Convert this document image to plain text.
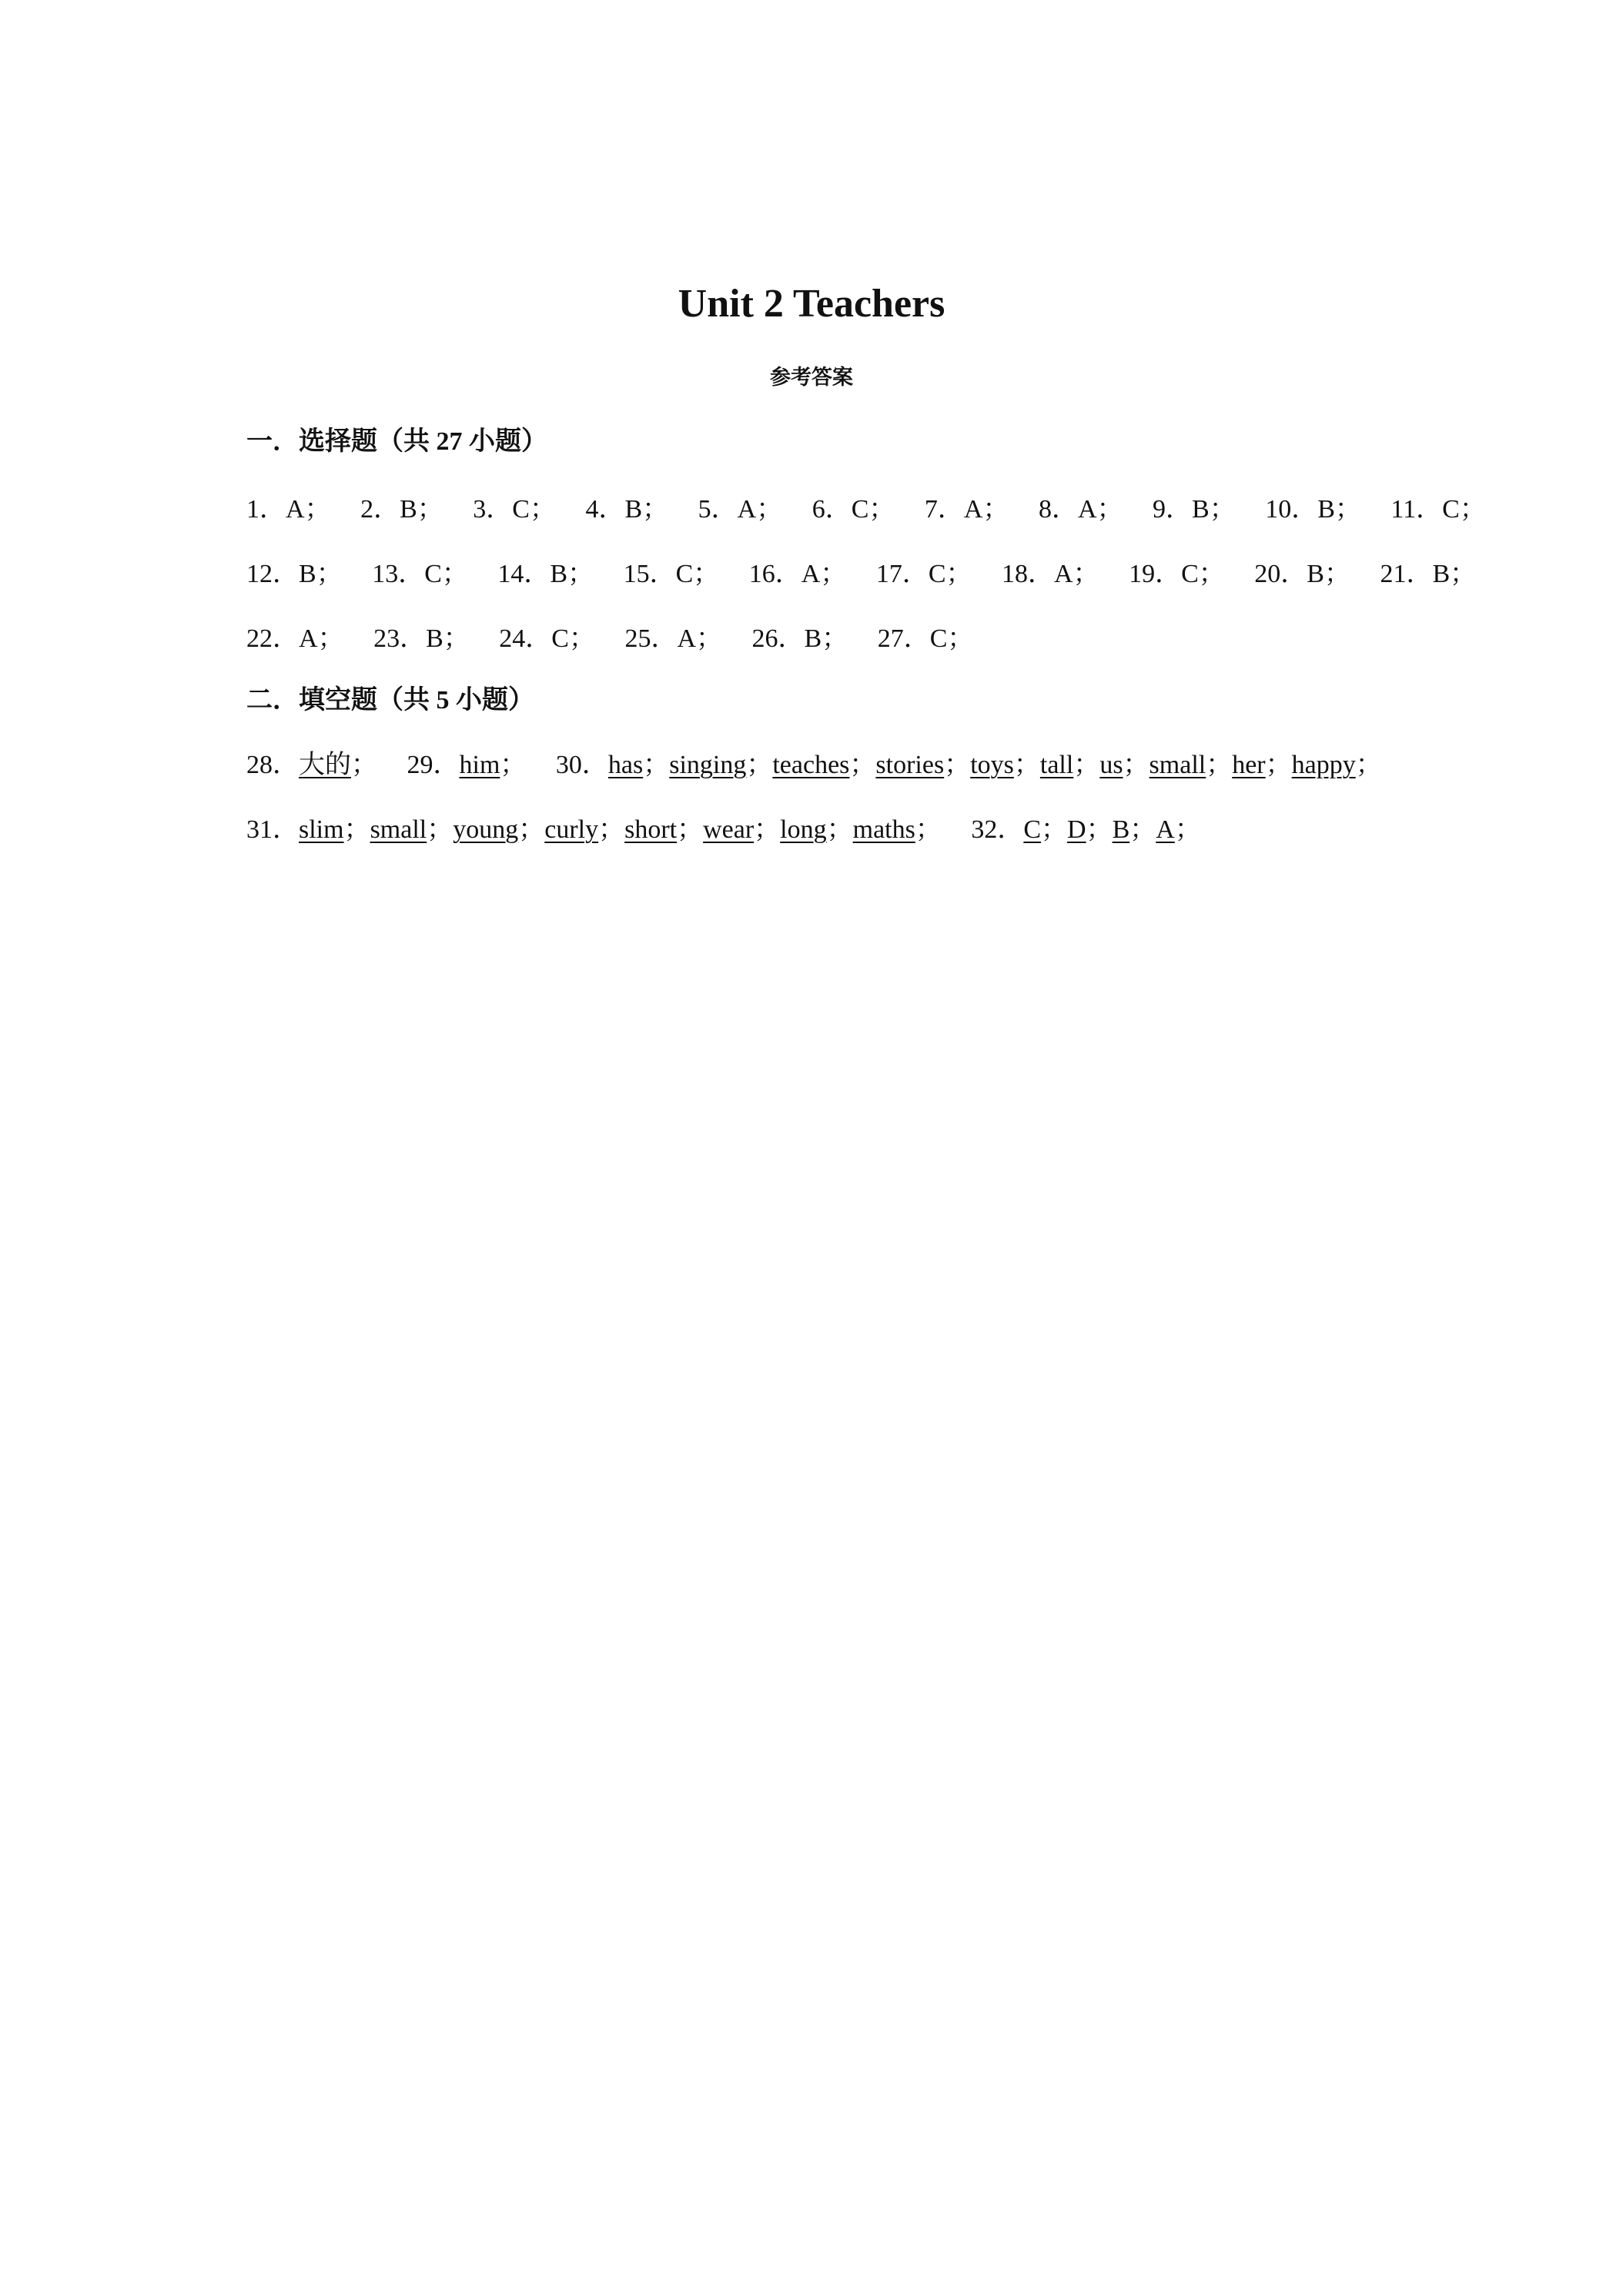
Unit 2 Teachers
参考答案
一．选择题（共 27 小题）
1 ． A ； 2 ． B ； 3 ． C ； 4 ． B ； 5 ． A ； 6 ． C ； 7 ． A ； 8 ． A ； 9 ． B ； 10 ． B ； 11 ． C ；
12 ． B ； 13 ． C ； 14 ． B ； 15 ． C ； 16 ． A ； 17 ． C ； 18 ． A ； 19 ． C ； 20 ． B ； 21 ． B ；
22 ． A ； 23 ． B ； 24 ． C ； 25 ． A ； 26 ． B ； 27 ． C ；
二．填空题（共 5 小题）
28 ． 大的 ； 29 ． him ； 30 ． has ； singing ； teaches ； stories ； toys ； tall ； us ； small ； her ； happy ；
31 ． slim ； small ； young ； curly ； short ； wear ； long ； maths ； 32 ． C ； D ； B ； A ；
